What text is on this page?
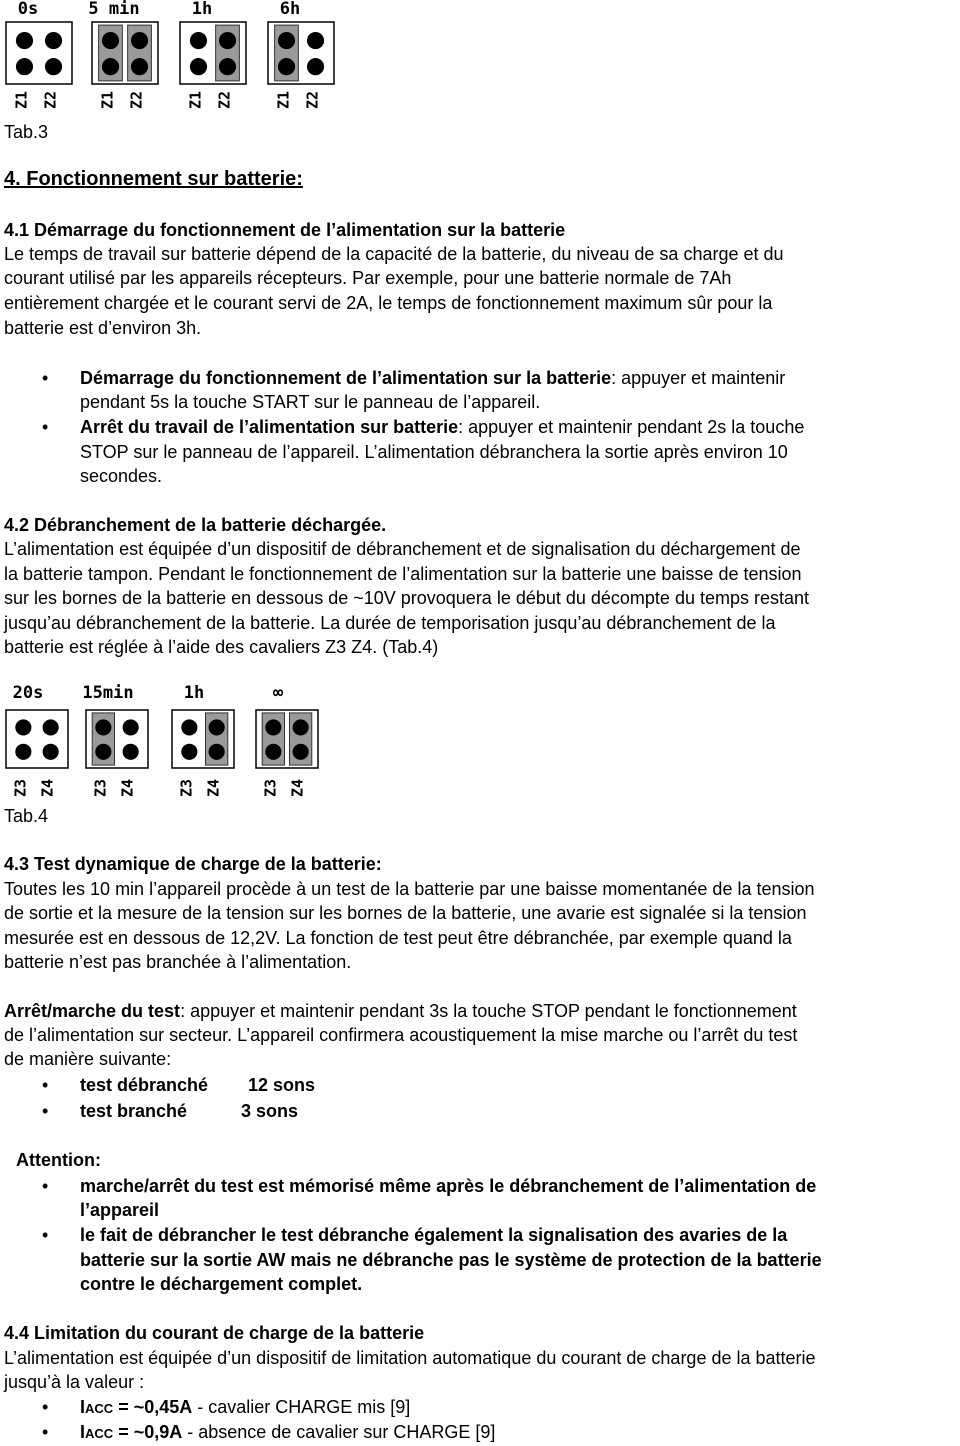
0s
Z1 Z2
5 min
Z1 Z2
1h
Z1 Z2
6h
Z1 Z2
Tab.3
4. Fonctionnement sur batterie:
4.1 Démarrage du fonctionnement de l’alimentation sur la batterie
Le temps de travail sur batterie dépend de la capacité de la batterie, du niveau de sa charge et du
courant utilisé par les appareils récepteurs. Par exemple, pour une batterie normale de 7Ah
entièrement chargée et le courant servi de 2A, le temps de fonctionnement maximum sûr pour la
batterie est d’environ 3h.
• Démarrage du fonctionnement de l’alimentation sur la batterie: appuyer et maintenir
pendant 5s la touche START sur le panneau de l’appareil.
• Arrêt du travail de l’alimentation sur batterie: appuyer et maintenir pendant 2s la touche
STOP sur le panneau de l’appareil. L’alimentation débranchera la sortie après environ 10
secondes.
4.2 Débranchement de la batterie déchargée.
L’alimentation est équipée d’un dispositif de débranchement et de signalisation du déchargement de
la batterie tampon. Pendant le fonctionnement de l’alimentation sur la batterie une baisse de tension
sur les bornes de la batterie en dessous de ~10V provoquera le début du décompte du temps restant
jusqu’au débranchement de la batterie. La durée de temporisation jusqu’au débranchement de la
batterie est réglée à l’aide des cavaliers Z3 Z4. (Tab.4)
20s
Z3 Z4
15min
Z3 Z4
1h
Z3 Z4
∞
Z3 Z4
Tab.4
4.3 Test dynamique de charge de la batterie:
Toutes les 10 min l’appareil procède à un test de la batterie par une baisse momentanée de la tension
de sortie et la mesure de la tension sur les bornes de la batterie, une avarie est signalée si la tension
mesurée est en dessous de 12,2V. La fonction de test peut être débranchée, par exemple quand la
batterie n’est pas branchée à l’alimentation.
Arrêt/marche du test: appuyer et maintenir pendant 3s la touche STOP pendant le fonctionnement
de l’alimentation sur secteur. L’appareil confirmera acoustiquement la mise marche ou l’arrêt du test
de manière suivante:
• test débranché 12 sons
• test branché	3 sons
Attention:
• marche/arrêt du test est mémorisé même après le débranchement de l’alimentation de
l’appareil
• le fait de débrancher le test débranche également la signalisation des avaries de la
batterie sur la sortie AW mais ne débranche pas le système de protection de la batterie
contre le déchargement complet.
4.4 Limitation du courant de charge de la batterie
L’alimentation est équipée d’un dispositif de limitation automatique du courant de charge de la batterie
jusqu’à la valeur :
• IACC = ~0,45A - cavalier CHARGE mis [9]
• IACC = ~0,9A - absence de cavalier sur CHARGE [9]
